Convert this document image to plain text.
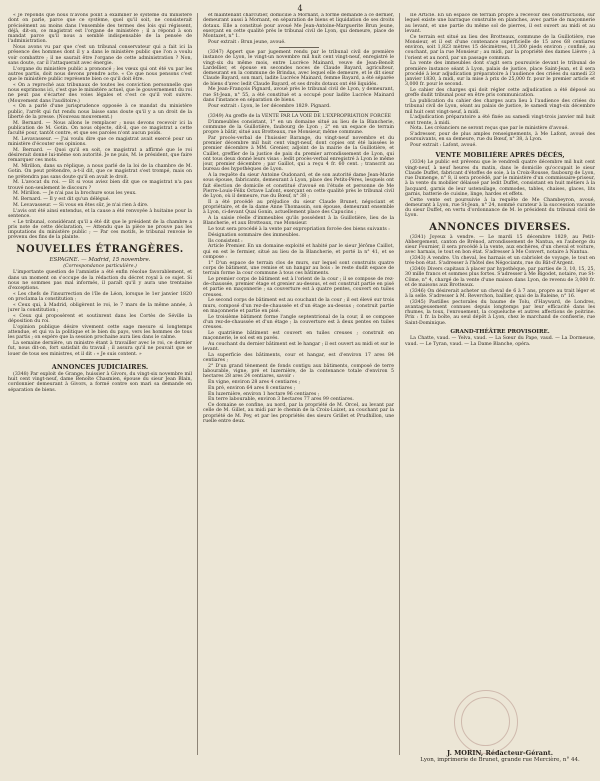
4

« Je réponds que nous n'avons point à examiner le système du ministère dont on parle, parce que ce système, quel qu'il soit, ne consisterait précisément au moins dans l'ensemble des termes des lois qui régissent, déjà, dit-on, ce magistrat est l'organe de ministère ; il a répond à son mandat parce qu'il nous a semblé indispensable de la pensée de l'administration.

Nous avons vu par que c'est un tribunal conservateur qui a fait ici la présence des hommes dont il y a dans le ministère public que l'on a voulu voir combattre ; il ne saurait être l'organe de cette administration ? Non, sans doute, car il l'attaquerait avec énergie.

L'organe du ministère public a prononcé ; les vœux qui ont été vu par les autres partis, doit nous devons prendre acte. « Ce que nous pensons c'est que le ministère public représente bien ce qu'il doit être.

« On a reproché aux tribunaux de toutes les conviction personnelle que nous exprimons ici, c'est que le ministère actuel, que le gouvernement du roi ne peut pas s'écarter des voies légales et c'est ce qu'il voit suivre. (Mouvement dans l'auditoire.)

« On a parlé d'une jurisprudence opposée à ce mandat du ministère public, l'arrêt qui fut rendu nous laisse sans doute qu'il y a un droit de la liberté de la presse. (Nouveau mouvement.)

M. Bernard. — Nous allons le remplacer ; nous devons recevoir ici la publication de M. Gotin. On nous objecte, dit-il, que ce magistrat a cette faculté pour, tantôt contre, et que ses paroles n'ont aucun poids.

M. Levavasseur. — J'ai voulu dire que ce magistrat avait exercé pour un ministère d'écouter ses opinions.

M. Bernard. — Quoi qu'il en soit, ce magistrat a affirmé que le roi désirerait donné lui-même son autorité. Je ne puis, M. le président, que faire remarquer ces mots.

M. Mirillon, dans sa réplique, a nous parlé de la loi de la chambre de M. Gotin. On peut prétendre, a-t-il dit, que ce magistrat s'est trompé, mais on ne prétendra pas sans doute qu'il en avait le droit.

M. L'avocat du roi. — Et si vous aviez bien dit que ce magistrat n'a pas trouvé non-seulement le discours ?

M. Mirillon. — Je n'ai pas la brochure sous les yeux.

M. Bernard. — Il y est dit qu'un délégué.

M. Levavasseur. — Si vous en êtes sûr, je n'ai rien à dire.

L'avis ont été ainsi entendus, et la cause a été renvoyée à huitaine pour la sentence.

« Le tribunal, considérant qu'il a été dit que le président de la chambre a pris note de cette déclaration, — Attendu que la pièce ne prouve pas les imputations du ministère public ; — Par ces motifs, le tribunal renvoie le prévenu des fins de la plainte.

NOUVELLES ÉTRANGÈRES.
ESPAGNE. — Madrid, 15 novembre.
(Correspondance particulière.)

L'importante question de l'amnistie a été enfin résolue favorablement, et dans un moment on s'occupe de la rédaction du décret royal à ce sujet. Si nous ne sommes pas mal informés, il paraît qu'il y aura une trentaine d'exceptions.

« Les chefs de l'insurrection de l'île de Léon, lorsque le 1er janvier 1820 on proclama la constitution ;

« Ceux qui, à Madrid, obligèrent le roi, le 7 mars de la même année, à jurer la constitution ;

« Ceux qui proposèrent et soutinrent dans les Cortès de Séville la déposition du roi.

L'opinion publique désire vivement cette sage mesure si longtemps attendue, et qui va la politique et le bien du pays, vers les hommes de tous les partis ; on espère que la session prochaine aura lieu dans le calme.

La semaine dernière, un ministre étant à travailler avec le roi, ce dernier fut, nous dit-on, fort satisfait du travail ; il assura qu'il ne pouvait que se louer de tous ses ministres, et il dit : « Je suis content. »

ANNONCES JUDICIAIRES.

(3348) Par exploit de Grange, huissier à Givors, du vingt-six novembre mil huit cent vingt-neuf, dame Benoîte Chasmien, épouse du sieur Jean Blain, cordonnier demeurant à Givors, a formé contre son mari sa demande en séparation de biens.

et maintenant charcutier, domicilié à Mornant, a formé demande à ce dernier, demeurant aussi à Mornant, en séparation de biens et liquidation de ses droits dotaux. Elle a constitué pour avoué Me Jean-Antoine-Marguerite Brun jeune, exerçant en cette qualité près le tribunal civil de Lyon, qui demeure, place de Montazet, n° 1.

Pour extrait : Brun jeune, avoué.

(3347) Appert que par jugement rendu par le tribunal civil de première instance de Lyon, le vingt-un novembre mil huit cent vingt-neuf, enregistré le vingt-six du même mois, entre Lucrèce Mainard, veuve de Jean-Benoît Lardellier, et épouse en secondes noces de Claude Bayard, agriculteur, demeurant en la commune de Brindas, avec lequel elle demeure, et le dit sieur Claude Bayard, son mari, ladite Lucrèce Mainard, femme Bayard, a été séparée de biens d'avec ledit Claude Bayard, et ses droits dotaux ont été liquidés.

Me Jean-François Pignard, avoué près le tribunal civil de Lyon, y demeurant, rue St-Jean, n° 55, a été constitué et a occupé pour ladite Lucrèce Mainard dans l'instance en séparation de biens.

Pour extrait : Lyon, le 1er décembre 1829. Pignard.

(3349) Au greffe de la VENTE PAR LA VOIE DE L'EXPROPRIATION FORCÉE

D'immeubles consistant, 1° en un domaine situé au lieu de la Blancherie, commune de la Guillotière, faubourg de Lyon ; 2° en un espace de terrain propre à bâtir, situé aux Brotteaux, rue Monsieur, même commune.

Par procès-verbal de l'huissier Barange, du vingt-neuf novembre et du premier décembre mil huit cent vingt-neuf, dont copies ont été laissées le premier décembre à MM. Grenier, adjoint de la mairie de la Guillotière, et Caillet, greffier de la justice de paix du premier arrondissement de Lyon, qui ont tous deux donné leurs visas : ledit procès-verbal enregistré à Lyon le même jour, premier décembre ; par Gaillot, qui a reçu 4 fr. 60 cent. ; transcrit au bureau des hypothèques de Lyon.

A la requête du sieur Antoine Oudonard, et de son autorité dame Jean-Marie sous épouse, fabricants, demeurant à Lyon, place des Petits-Pères, lesquels ont fait élection de domicile et constitué d'avoué en l'étude et personne de Me Pierre-Louis-Félix Octave Lafont, exerçant en cette qualité près le tribunal civil de Lyon, où il demeure, rue du Bœuf, n° 38 ;

Il a été procédé au préjudice du sieur Claude Brunet, négociant et propriétaire, et de la dame Anne Thomassin, son épouse, demeurant ensemble à Lyon, ci-devant Quai Gonin, actuellement place des Capucins ;

A la saisie réelle d'immeubles qu'ils possèdent à la Guillotière, lieu de la Blancherie, et aux Brotteaux, rue Monsieur.

Le tout sera procédé à la vente par expropriation forcée des biens suivants :

Désignation sommaire des immeubles.

Ils consistent :

Article Premier. En un domaine exploité et habité par le sieur Jérôme Caillot, qui en est le fermier, situé au lieu de la Blancherie, et porté la n° 41, et se compose :

1° D'un espace de terrain clos de murs, sur lequel sont construits quatre corps de bâtiment, une remise et un hangar au bois : le reste dudit espace de terrain forme la cour commune à tous ces bâtiments.

Le premier corps de bâtiment est à l'orient de la cour ; il se compose de rez-de-chaussée, premier étage et grenier au-dessus, et est construit partie en pisé et partie en maçonnerie ; sa couverture est à quatre pentes, couvert en tuiles creuses.

Le second corps de bâtiment est au couchant de la cour ; il est élevé sur trois murs, composé d'un rez-de-chaussée et d'un étage au-dessus ; construit partie en maçonnerie et partie en pisé.

Le troisième bâtiment forme l'angle septentrional de la cour, il se compose d'un rez-de-chaussée et d'un étage ; la couverture est à deux pentes en tuiles creuses.

Le quatrième bâtiment est couvert en tuiles creuses ; construit en maçonnerie, le sol est en pavés.

Au couchant du dernier bâtiment est le hangar ; il est ouvert au midi et sur le levant.

La superficie des bâtiments, cour et hangar, est d'environ 17 ares 84 centiares ;

2° D'un grand tènement de fonds contigu aux bâtiments, composé de terre labourable, vigne, pré et luzernière, de la contenance totale d'environ 5 hectares 28 ares 24 centiares, savoir :

En vigne, environ 28 ares 4 centiares ;

En pré, environ 64 ares 8 centiares ;

En luzernière, environ 1 hectare 96 centiares ;

En terre labourable, environ 3 hectares 77 ares 99 centiares.

Ce domaine se confine, au nord, par la propriété de M. Orcel, au levant par celle de M. Gillet, au midi par le chemin de la Croix-Luizet, au couchant par la propriété de M. Pey, et par les propriétés des sieurs Grillet et Prudhillon, une ruelle entre deux.

IIe Article. En un espace de terrain propre à recevoir des constructions, sur lequel existe une barraque construite en planches, avec partie de maçonnerie au levant, et une partie du même sol de pierres, il est ouvert au midi et au levant.

Ce terrain est situé au lieu des Brotteaux, commune de la Guillotière, rue Monsieur, et il est d'une contenance superficielle de 15 ares 68 centiares environ, soit 1,823 mètres 15 décimètres, 11,300 pieds environ ; confiné, au couchant, par la rue Monsieur ; au midi, par la propriété des dames Lièvre ; à l'orient et au nord, par un passage commun.

La vente des immeubles dont s'agit sera poursuivie devant le tribunal de première instance séant à Lyon, palais de justice, place Saint-Jean, et il sera procédé à leur adjudication préparatoire à l'audience des criées du samedi 23 janvier 1830, à midi, sur la mise à prix de 25,000 fr. pour le premier article et 3,000 fr. pour le second.

Le cahier des charges qui doit régler cette adjudication a été déposé au greffe dudit tribunal pour en être pris communication.

La publication du cahier des charges aura lieu à l'audience des criées du tribunal civil de Lyon, séant au palais de justice, le samedi vingt-six décembre mil huit cent vingt-neuf, à midi.

L'adjudication préparatoire a été fixée au samedi vingt-trois janvier mil huit cent trente, à midi.

Nota. Les créanciers ne seront reçus que par le ministère d'avoué.

S'adresser, pour de plus amples renseignements, à Me Lafont, avoué des poursuivants, en sa demeure, rue du Bœuf, n° 38, à Lyon.

Pour extrait : Lafont, avoué.

VENTE MOBILIÈRE APRÈS DÉCÈS,

(3334) Le public est prévenu que le vendredi quatre décembre mil huit cent vingt-neuf, à neuf heures du matin, dans le domicile qu'occupait le sieur Claude Duffet, fabricant d'étoffes de soie, à la Croix-Rousse, faubourg de Lyon, rue Dumenge, n° 8, il sera procédé, par le ministère d'un commissaire-priseur, à la vente du mobilier délaissé par ledit Duffet, consistant en huit métiers à la Jacquard, garnis de leur ustensilage, commodes, tables, chaises, glaces, lits garnis, batterie de cuisine, linge, hardes et effets.

Cette vente est poursuivie à la requête de Me Chambeyron, avoué, demeurant à Lyon, rue St-Jean, n° 24, nommé curateur à la succession vacante du sieur Duffet, en vertu d'ordonnance de M. le président du tribunal civil de Lyon.

ANNONCES DIVERSES.

(3341) Joyeux à vendre. — Le mardi 15 décembre 1829, au Petit-Abbergement, canton de Brénod, arrondissement de Nantua, en l'auberge du sieur Fournier, il sera procédé à la vente, aux enchères, d'un cheval et voiture, avec harnais, le tout en bon état. S'adresser à Me Convert, notaire à Nantua.

(3343) A vendre. Un cheval, les harnais et un cabriolet de voyage, le tout en très-bon état. S'adresser à l'hôtel des Négociants, rue du Bât-d'Argent.

(3340) Divers capitaux à placer par hypothèque, par parties de 3, 10, 15, 25, 30 mille francs et sommes plus fortes. S'adresser à Me Bigodet, notaire, rue St-Côme, n° 4, chargé de la vente d'une maison dans Lyon, de revenu de 3,000 fr. et de maisons aux Brotteaux.

(3346) On désirerait acheter un cheval de 6 à 7 ans, propre au trait léger et à la selle. S'adresser à M. Reverchon, baillier, quai de la Baleine, n° 16.

(3345) Pastilles pectorales du baume de Tolu, d'Hayward, de Londres, avantageusement connues depuis longtemps par leur efficacité dans les rhumes, la toux, l'enrouement, la coqueluche et autres affections de poitrine. Prix : 1 fr. la boîte, au seul dépôt à Lyon, chez le marchand de confiserie, rue Saint-Dominique.

GRAND-THÉÂTRE PROVISOIRE.

La Chatte, vaud. — Yelva, vaud. — La Sœur du Pape, vaud. — La Dormeuse, vaud. — Le Tyran, vaud. — La Dame Blanche, opéra.

J. MORIN, Rédacteur-Gérant.
Lyon, imprimerie de Brunet, grande rue Mercière, n° 44.
